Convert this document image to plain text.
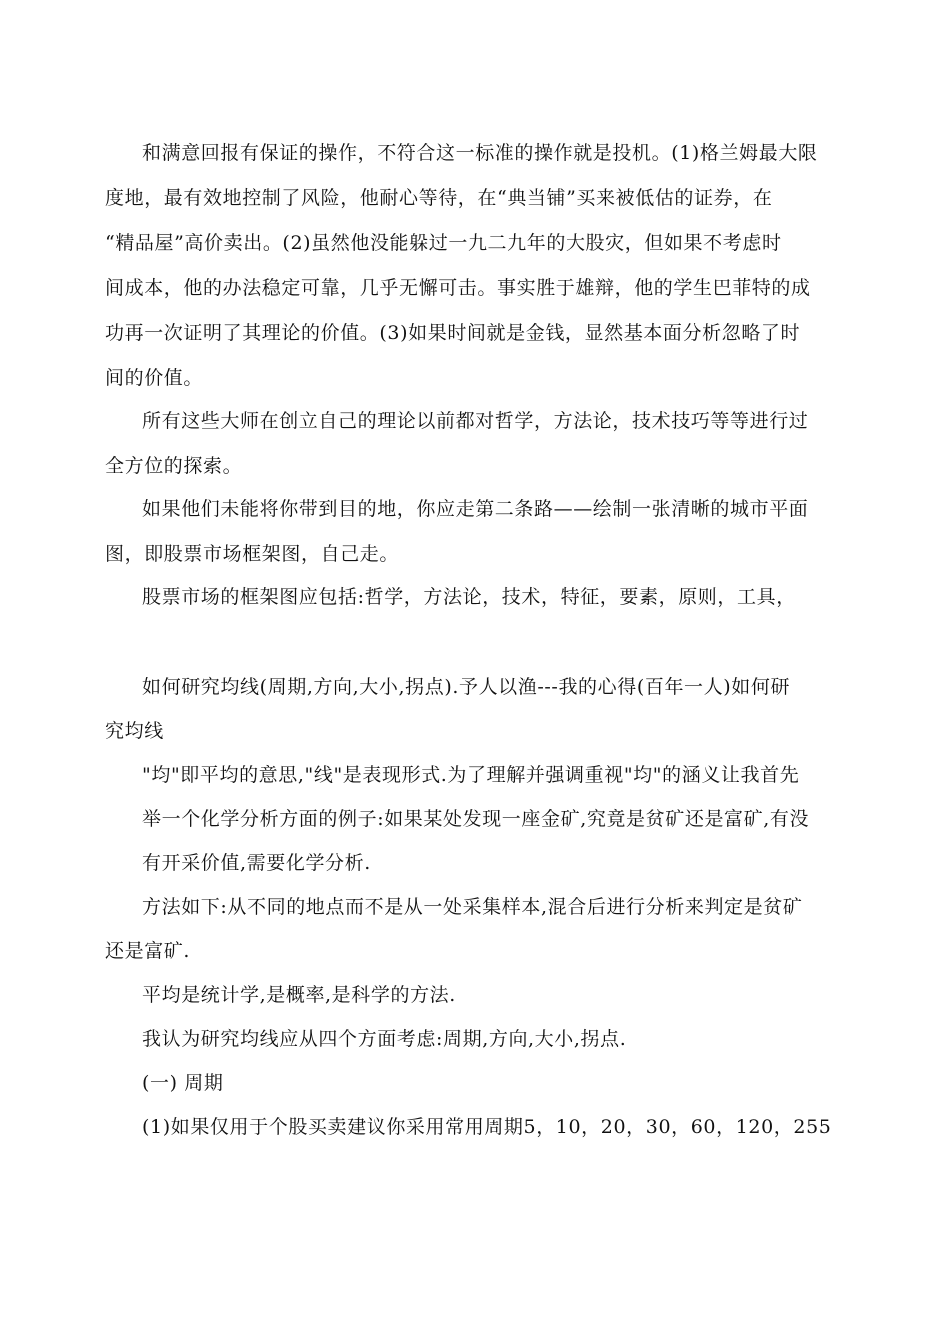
和满意回报有保证的操作，不符合这一标准的操作就是投机。(1)格兰姆最大限
度地，最有效地控制了风险，他耐心等待，在“典当铺”买来被低估的证券，在
“精品屋”高价卖出。(2)虽然他没能躲过一九二九年的大股灾，但如果不考虑时
间成本，他的办法稳定可靠，几乎无懈可击。事实胜于雄辩，他的学生巴菲特的成
功再一次证明了其理论的价值。(3)如果时间就是金钱，显然基本面分析忽略了时
间的价值。
所有这些大师在创立自己的理论以前都对哲学，方法论，技术技巧等等进行过
全方位的探索。
如果他们未能将你带到目的地，你应走第二条路——绘制一张清晰的城市平面
图，即股票市场框架图，自己走。
股票市场的框架图应包括:哲学，方法论，技术，特征，要素，原则，工具，
如何研究均线(周期,方向,大小,拐点).予人以渔---我的心得(百年一人)如何研
究均线
"均"即平均的意思,"线"是表现形式.为了理解并强调重视"均"的涵义让我首先
举一个化学分析方面的例子:如果某处发现一座金矿,究竟是贫矿还是富矿,有没
有开采价值,需要化学分析.
方法如下:从不同的地点而不是从一处采集样本,混合后进行分析来判定是贫矿
还是富矿.
平均是统计学,是概率,是科学的方法.
我认为研究均线应从四个方面考虑:周期,方向,大小,拐点.
(一) 周期
(1)如果仅用于个股买卖建议你采用常用周期5，10，20，30，60，120，255
